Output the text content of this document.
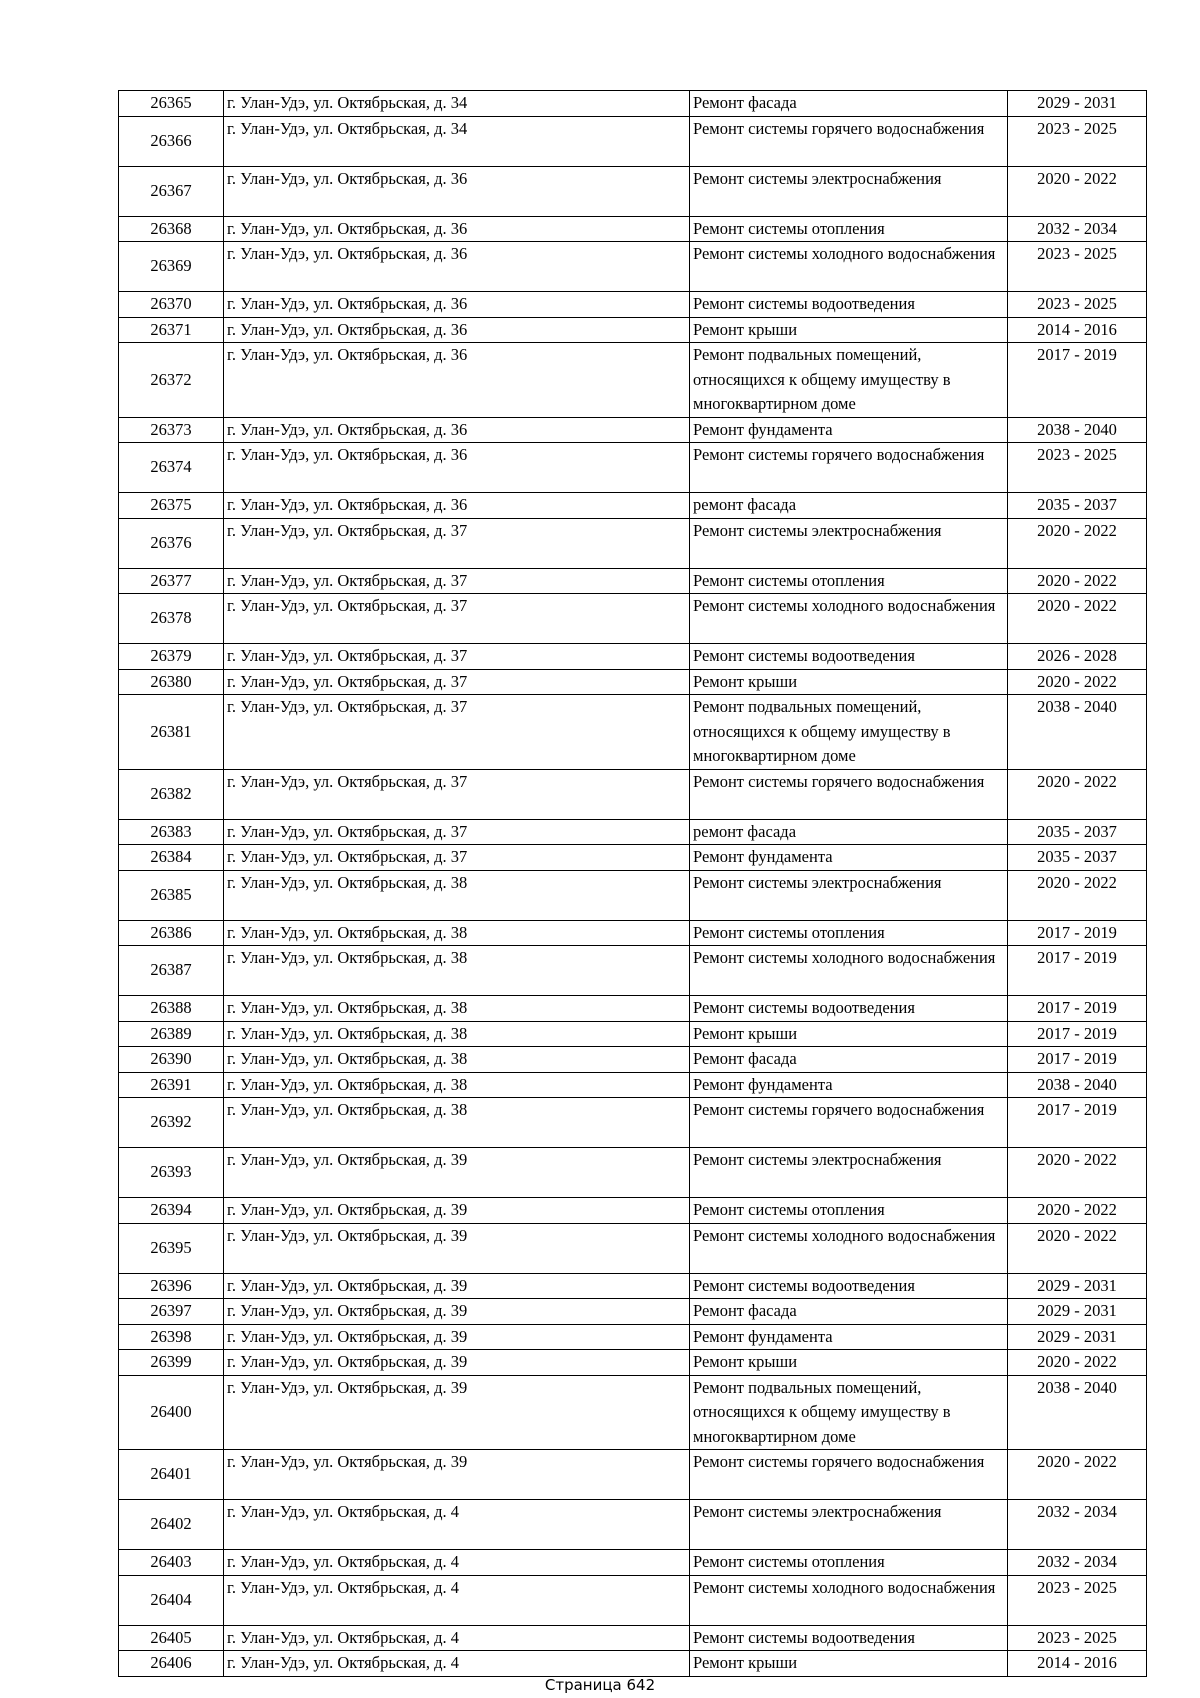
26365	г. Улан-Удэ, ул. Октябрьская, д. 34	Ремонт фасада	2029 - 2031
26366	г. Улан-Удэ, ул. Октябрьская, д. 34	Ремонт системы горячего водоснабжения	2023 - 2025
26367	г. Улан-Удэ, ул. Октябрьская, д. 36	Ремонт системы электроснабжения	2020 - 2022
26368	г. Улан-Удэ, ул. Октябрьская, д. 36	Ремонт системы отопления	2032 - 2034
26369	г. Улан-Удэ, ул. Октябрьская, д. 36	Ремонт системы холодного водоснабжения	2023 - 2025
26370	г. Улан-Удэ, ул. Октябрьская, д. 36	Ремонт системы водоотведения	2023 - 2025
26371	г. Улан-Удэ, ул. Октябрьская, д. 36	Ремонт крыши	2014 - 2016
26372	г. Улан-Удэ, ул. Октябрьская, д. 36	Ремонт подвальных помещений, относящихся к общему имуществу в многоквартирном доме	2017 - 2019
26373	г. Улан-Удэ, ул. Октябрьская, д. 36	Ремонт фундамента	2038 - 2040
26374	г. Улан-Удэ, ул. Октябрьская, д. 36	Ремонт системы горячего водоснабжения	2023 - 2025
26375	г. Улан-Удэ, ул. Октябрьская, д. 36	ремонт фасада	2035 - 2037
26376	г. Улан-Удэ, ул. Октябрьская, д. 37	Ремонт системы электроснабжения	2020 - 2022
26377	г. Улан-Удэ, ул. Октябрьская, д. 37	Ремонт системы отопления	2020 - 2022
26378	г. Улан-Удэ, ул. Октябрьская, д. 37	Ремонт системы холодного водоснабжения	2020 - 2022
26379	г. Улан-Удэ, ул. Октябрьская, д. 37	Ремонт системы водоотведения	2026 - 2028
26380	г. Улан-Удэ, ул. Октябрьская, д. 37	Ремонт крыши	2020 - 2022
26381	г. Улан-Удэ, ул. Октябрьская, д. 37	Ремонт подвальных помещений, относящихся к общему имуществу в многоквартирном доме	2038 - 2040
26382	г. Улан-Удэ, ул. Октябрьская, д. 37	Ремонт системы горячего водоснабжения	2020 - 2022
26383	г. Улан-Удэ, ул. Октябрьская, д. 37	ремонт фасада	2035 - 2037
26384	г. Улан-Удэ, ул. Октябрьская, д. 37	Ремонт фундамента	2035 - 2037
26385	г. Улан-Удэ, ул. Октябрьская, д. 38	Ремонт системы электроснабжения	2020 - 2022
26386	г. Улан-Удэ, ул. Октябрьская, д. 38	Ремонт системы отопления	2017 - 2019
26387	г. Улан-Удэ, ул. Октябрьская, д. 38	Ремонт системы холодного водоснабжения	2017 - 2019
26388	г. Улан-Удэ, ул. Октябрьская, д. 38	Ремонт системы водоотведения	2017 - 2019
26389	г. Улан-Удэ, ул. Октябрьская, д. 38	Ремонт крыши	2017 - 2019
26390	г. Улан-Удэ, ул. Октябрьская, д. 38	Ремонт фасада	2017 - 2019
26391	г. Улан-Удэ, ул. Октябрьская, д. 38	Ремонт фундамента	2038 - 2040
26392	г. Улан-Удэ, ул. Октябрьская, д. 38	Ремонт системы горячего водоснабжения	2017 - 2019
26393	г. Улан-Удэ, ул. Октябрьская, д. 39	Ремонт системы электроснабжения	2020 - 2022
26394	г. Улан-Удэ, ул. Октябрьская, д. 39	Ремонт системы отопления	2020 - 2022
26395	г. Улан-Удэ, ул. Октябрьская, д. 39	Ремонт системы холодного водоснабжения	2020 - 2022
26396	г. Улан-Удэ, ул. Октябрьская, д. 39	Ремонт системы водоотведения	2029 - 2031
26397	г. Улан-Удэ, ул. Октябрьская, д. 39	Ремонт фасада	2029 - 2031
26398	г. Улан-Удэ, ул. Октябрьская, д. 39	Ремонт фундамента	2029 - 2031
26399	г. Улан-Удэ, ул. Октябрьская, д. 39	Ремонт крыши	2020 - 2022
26400	г. Улан-Удэ, ул. Октябрьская, д. 39	Ремонт подвальных помещений, относящихся к общему имуществу в многоквартирном доме	2038 - 2040
26401	г. Улан-Удэ, ул. Октябрьская, д. 39	Ремонт системы горячего водоснабжения	2020 - 2022
26402	г. Улан-Удэ, ул. Октябрьская, д. 4	Ремонт системы электроснабжения	2032 - 2034
26403	г. Улан-Удэ, ул. Октябрьская, д. 4	Ремонт системы отопления	2032 - 2034
26404	г. Улан-Удэ, ул. Октябрьская, д. 4	Ремонт системы холодного водоснабжения	2023 - 2025
26405	г. Улан-Удэ, ул. Октябрьская, д. 4	Ремонт системы водоотведения	2023 - 2025
26406	г. Улан-Удэ, ул. Октябрьская, д. 4	Ремонт крыши	2014 - 2016
Страница 642
